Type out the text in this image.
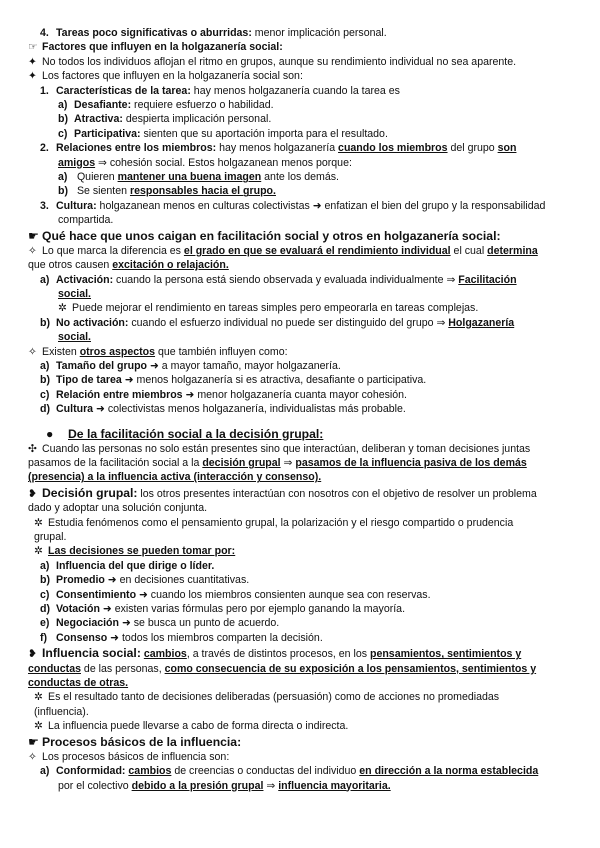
4. Tareas poco significativas o aburridas: menor implicación personal.
☞ Factores que influyen en la holgazanería social:
✦ No todos los individuos aflojan el ritmo en grupos, aunque su rendimiento individual no sea aparente.
✦ Los factores que influyen en la holgazanería social son:
1. Características de la tarea: hay menos holgazanería cuando la tarea es
a) Desafiante: requiere esfuerzo o habilidad.
b) Atractiva: despierta implicación personal.
c) Participativa: sienten que su aportación importa para el resultado.
2. Relaciones entre los miembros: hay menos holgazanería cuando los miembros del grupo son
amigos ⇒ cohesión social. Estos holgazanean menos porque:
a) Quieren mantener una buena imagen ante los demás.
b) Se sienten responsables hacia el grupo.
3. Cultura: holgazanean menos en culturas colectivistas ➜ enfatizan el bien del grupo y la responsabilidad
compartida.
☛ Qué hace que unos caigan en facilitación social y otros en holgazanería social:
✧ Lo que marca la diferencia es el grado en que se evaluará el rendimiento individual el cual determina
que otros causen excitación o relajación.
a) Activación: cuando la persona está siendo observada y evaluada individualmente ⇒ Facilitación
social.
✲ Puede mejorar el rendimiento en tareas simples pero empeorarla en tareas complejas.
b) No activación: cuando el esfuerzo individual no puede ser distinguido del grupo ⇒ Holgazanería
social.
✧ Existen otros aspectos que también influyen como:
a) Tamaño del grupo ➜ a mayor tamaño, mayor holgazanería.
b) Tipo de tarea ➜ menos holgazanería si es atractiva, desafiante o participativa.
c) Relación entre miembros ➜ menor holgazanería cuanta mayor cohesión.
d) Cultura ➜ colectivistas menos holgazanería, individualistas más probable.
● De la facilitación social a la decisión grupal:
✣ Cuando las personas no solo están presentes sino que interactúan, deliberan y toman decisiones juntas
pasamos de la facilitación social a la decisión grupal ⇒ pasamos de la influencia pasiva de los demás
(presencia) a la influencia activa (interacción y consenso).
❥ Decisión grupal: los otros presentes interactúan con nosotros con el objetivo de resolver un problema
dado y adoptar una solución conjunta.
✲ Estudia fenómenos como el pensamiento grupal, la polarización y el riesgo compartido o prudencia
grupal.
✲ Las decisiones se pueden tomar por:
a) Influencia del que dirige o líder.
b) Promedio ➜ en decisiones cuantitativas.
c) Consentimiento ➜ cuando los miembros consienten aunque sea con reservas.
d) Votación ➜ existen varias fórmulas pero por ejemplo ganando la mayoría.
e) Negociación ➜ se busca un punto de acuerdo.
f) Consenso ➜ todos los miembros comparten la decisión.
❥ Influencia social: cambios, a través de distintos procesos, en los pensamientos, sentimientos y
conductas de las personas, como consecuencia de su exposición a los pensamientos, sentimientos y
conductas de otras.
✲ Es el resultado tanto de decisiones deliberadas (persuasión) como de acciones no promediadas
(influencia).
✲ La influencia puede llevarse a cabo de forma directa o indirecta.
☛ Procesos básicos de la influencia:
✧ Los procesos básicos de influencia son:
a) Conformidad: cambios de creencias o conductas del individuo en dirección a la norma establecida
por el colectivo debido a la presión grupal ⇒ influencia mayoritaria.
